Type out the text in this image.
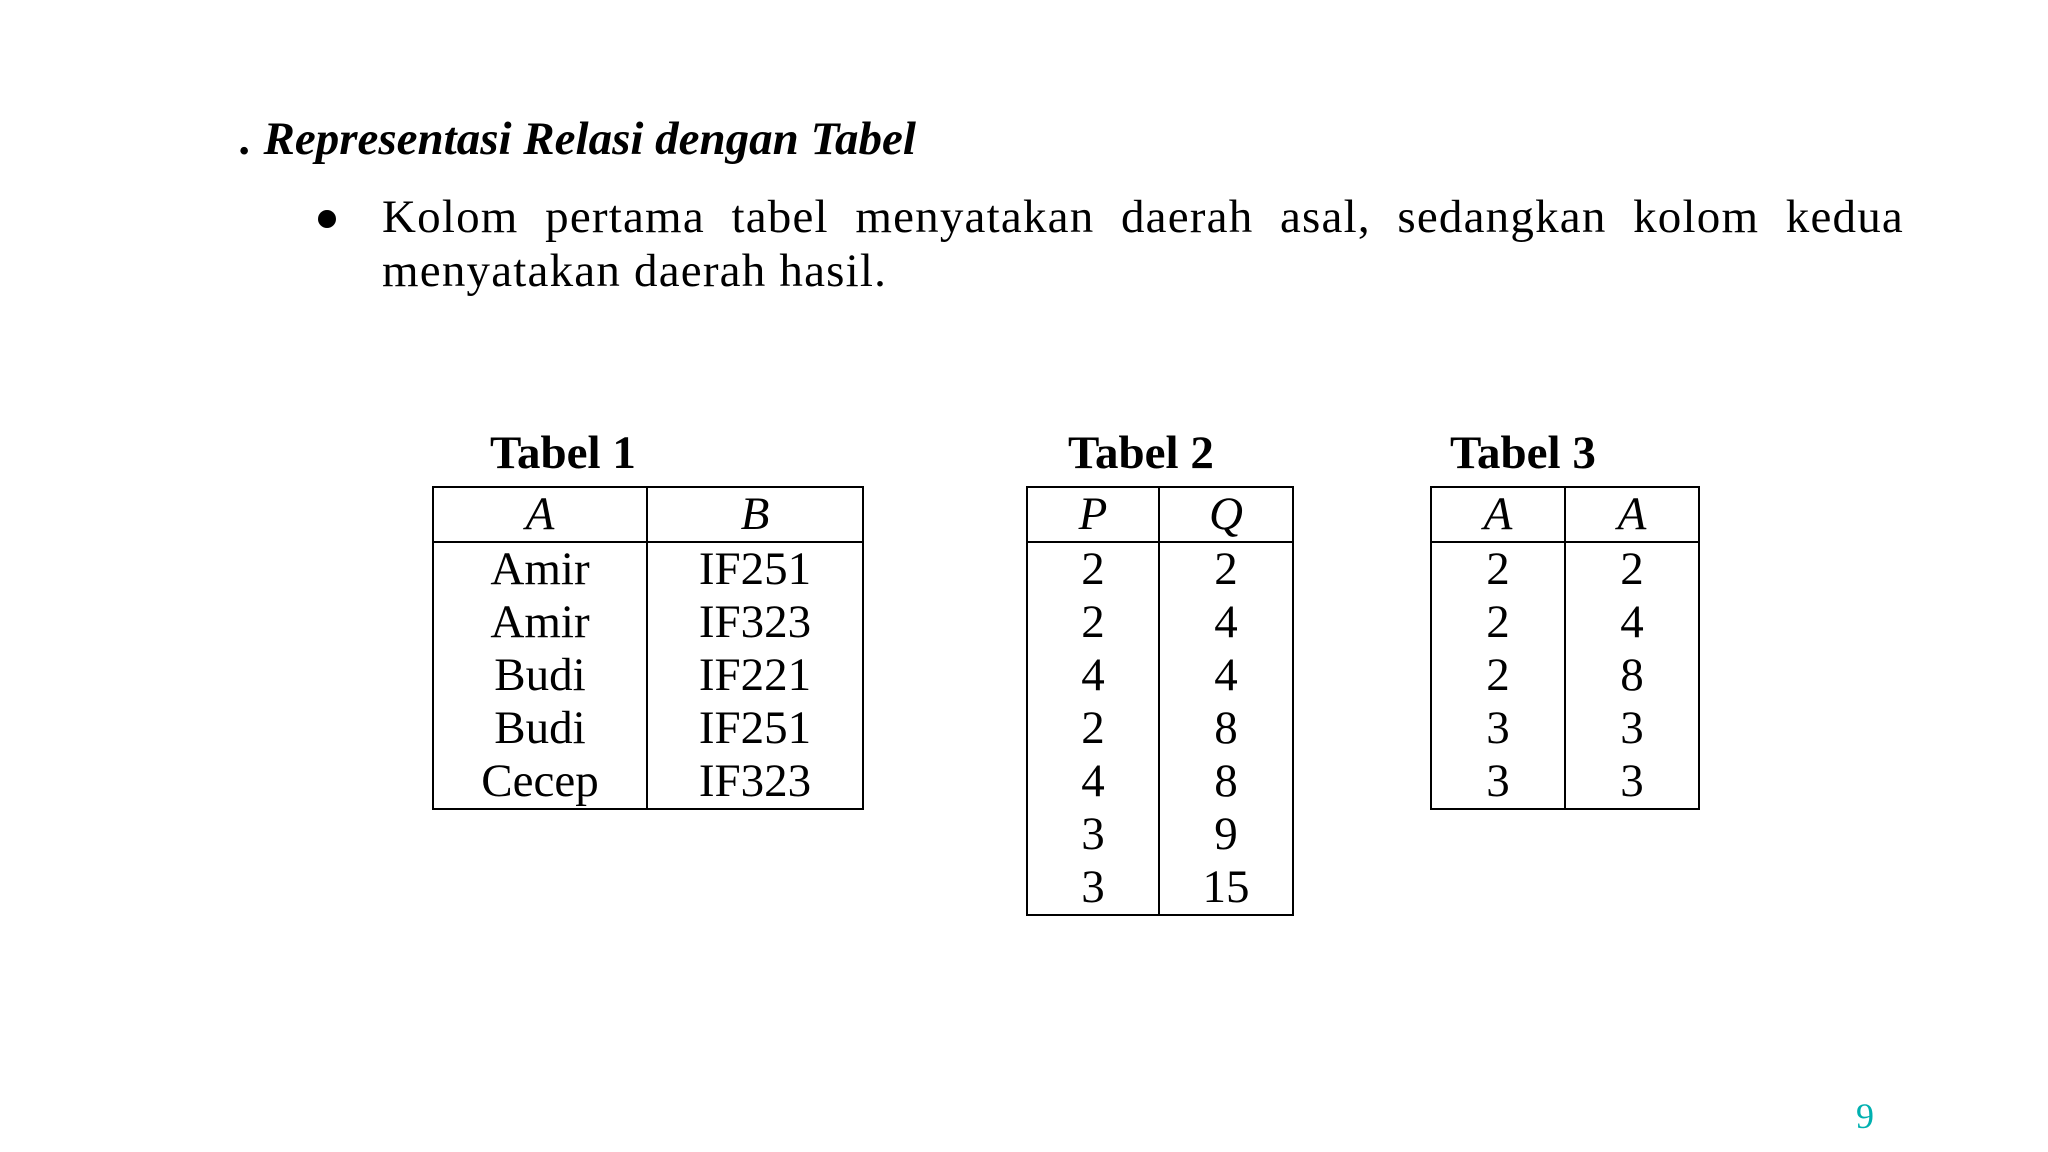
. Representasi Relasi dengan Tabel
Kolom pertama tabel menyatakan daerah asal, sedangkan kolom kedua menyatakan daerah hasil.
Tabel 1
A	B
Amir	IF251
Amir	IF323
Budi	IF221
Budi	IF251
Cecep	IF323
Tabel 2
P	Q
2	2
2	4
4	4
2	8
4	8
3	9
3	15
Tabel 3
A	A
2	2
2	4
2	8
3	3
3	3
9
